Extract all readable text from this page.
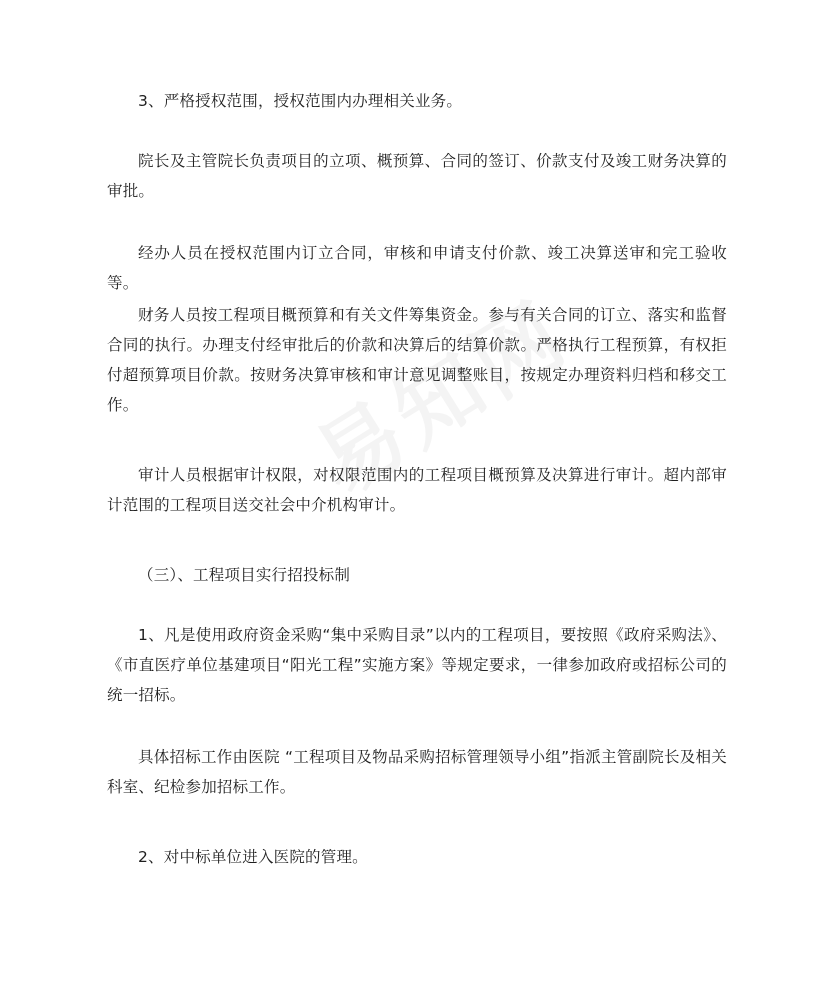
3、严格授权范围，授权范围内办理相关业务。

院长及主管院长负责项目的立项、概预算、合同的签订、价款支付及竣工财务决算的审批。

经办人员在授权范围内订立合同，审核和申请支付价款、竣工决算送审和完工验收等。

财务人员按工程项目概预算和有关文件筹集资金。参与有关合同的订立、落实和监督合同的执行。办理支付经审批后的价款和决算后的结算价款。严格执行工程预算，有权拒付超预算项目价款。按财务决算审核和审计意见调整账目，按规定办理资料归档和移交工作。

审计人员根据审计权限，对权限范围内的工程项目概预算及决算进行审计。超内部审计范围的工程项目送交社会中介机构审计。

（三）、工程项目实行招投标制

1、凡是使用政府资金采购“集中采购目录”以内的工程项目，要按照《政府采购法》、《市直医疗单位基建项目“阳光工程”实施方案》等规定要求，一律参加政府或招标公司的统一招标。

具体招标工作由医院 “工程项目及物品采购招标管理领导小组”指派主管副院长及相关科室、纪检参加招标工作。

2、对中标单位进入医院的管理。
